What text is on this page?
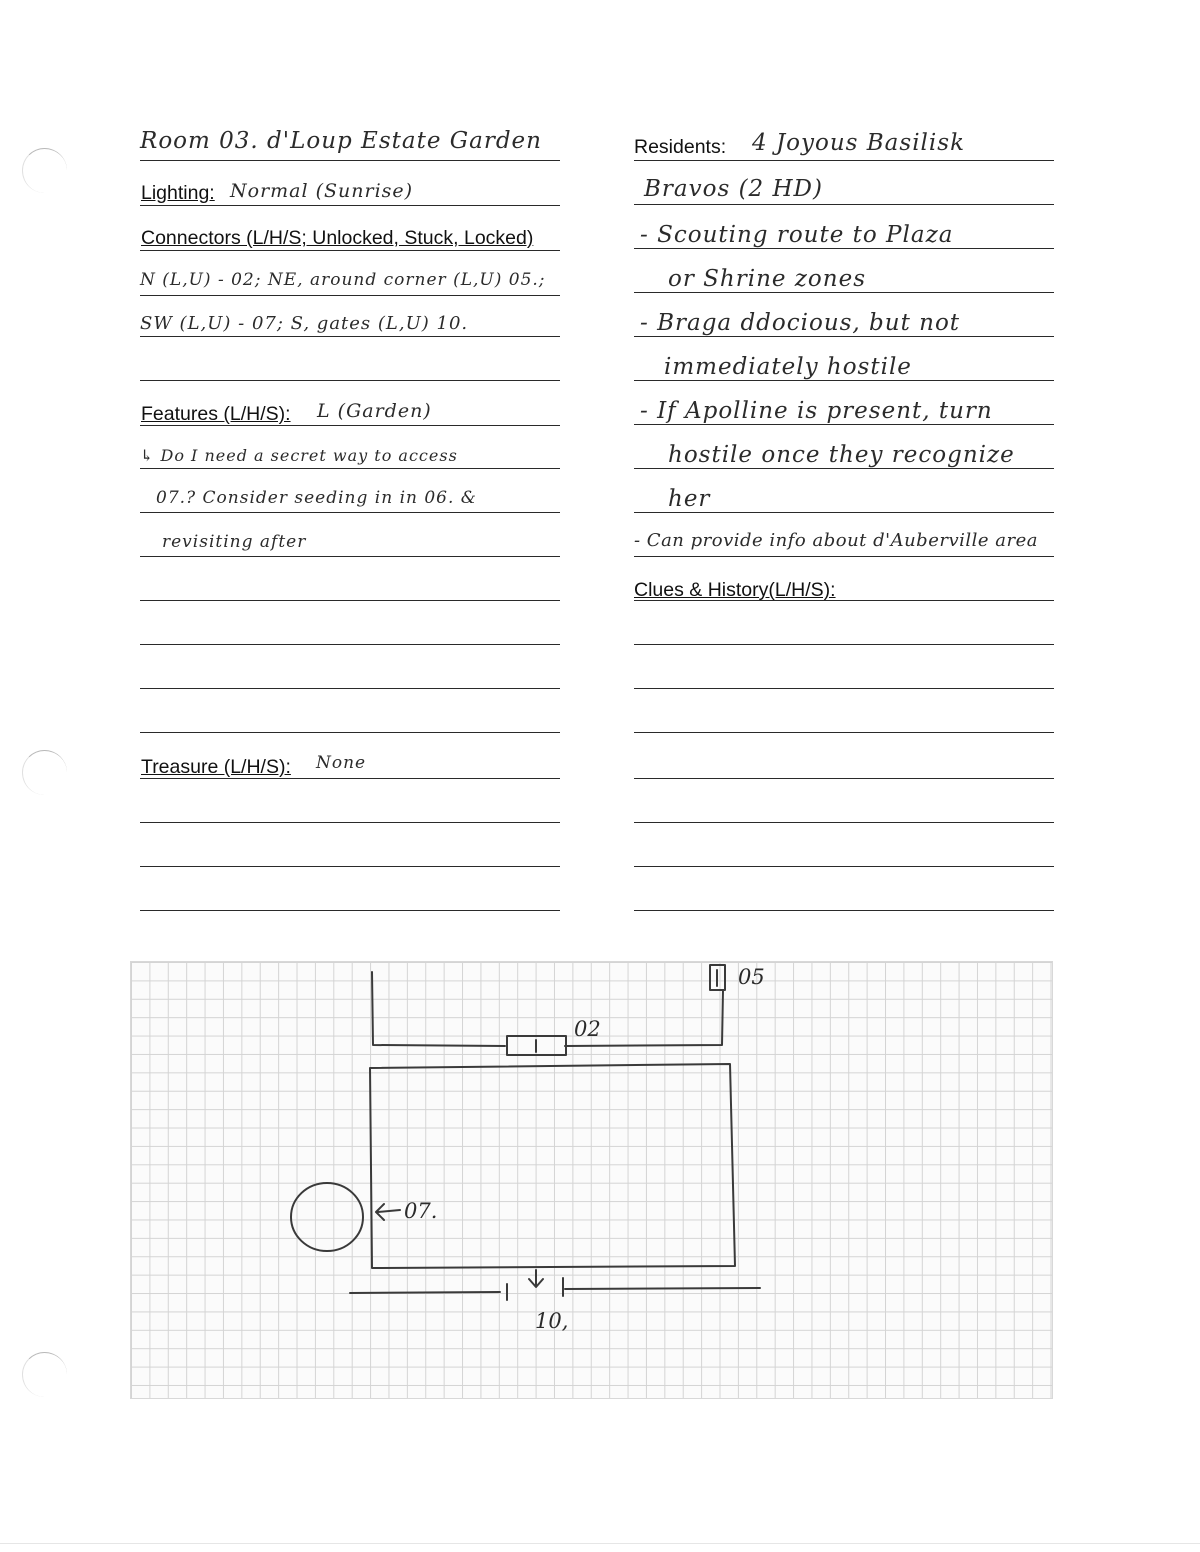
Room 03. d'Loup Estate Garden
Lighting: Normal (Sunrise)
Connectors (L/H/S; Unlocked, Stuck, Locked)
N (L,U) - 02; NE, around corner (L,U) 05.;
SW (L,U) - 07; S, gates (L,U) 10.
Features (L/H/S): L (Garden)
↳ Do I need a secret way to access
07.? Consider seeding in in 06. &
revisiting after
Treasure (L/H/S): None
Residents: 4 Joyous Basilisk
Bravos (2 HD)
- Scouting route to Plaza
or Shrine zones
- Braga ddocious, but not
immediately hostile
- If Apolline is present, turn
hostile once they recognize
her
- Can provide info about d'Auberville area
Clues & History(L/H/S):
02
05
07.
10,
